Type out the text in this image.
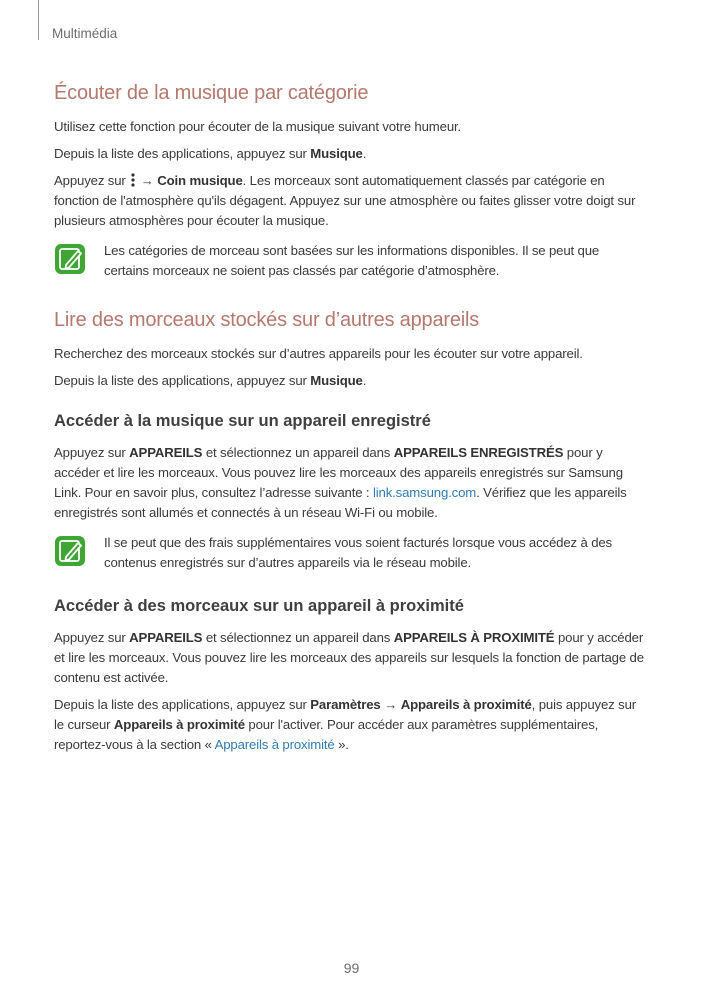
Multimédia
Écouter de la musique par catégorie

Utilisez cette fonction pour écouter de la musique suivant votre humeur.

Depuis la liste des applications, appuyez sur Musique.

Appuyez sur  → Coin musique. Les morceaux sont automatiquement classés par catégorie en fonction de l'atmosphère qu'ils dégagent. Appuyez sur une atmosphère ou faites glisser votre doigt sur plusieurs atmosphères pour écouter la musique.

Les catégories de morceau sont basées sur les informations disponibles. Il se peut que certains morceaux ne soient pas classés par catégorie d’atmosphère.

Lire des morceaux stockés sur d’autres appareils

Recherchez des morceaux stockés sur d’autres appareils pour les écouter sur votre appareil.

Depuis la liste des applications, appuyez sur Musique.

Accéder à la musique sur un appareil enregistré

Appuyez sur APPAREILS et sélectionnez un appareil dans APPAREILS ENREGISTRÉS pour y accéder et lire les morceaux. Vous pouvez lire les morceaux des appareils enregistrés sur Samsung Link. Pour en savoir plus, consultez l’adresse suivante : link.samsung.com. Vérifiez que les appareils enregistrés sont allumés et connectés à un réseau Wi-Fi ou mobile.

Il se peut que des frais supplémentaires vous soient facturés lorsque vous accédez à des contenus enregistrés sur d’autres appareils via le réseau mobile.

Accéder à des morceaux sur un appareil à proximité

Appuyez sur APPAREILS et sélectionnez un appareil dans APPAREILS À PROXIMITÉ pour y accéder et lire les morceaux. Vous pouvez lire les morceaux des appareils sur lesquels la fonction de partage de contenu est activée.

Depuis la liste des applications, appuyez sur Paramètres → Appareils à proximité, puis appuyez sur le curseur Appareils à proximité pour l'activer. Pour accéder aux paramètres supplémentaires, reportez-vous à la section « Appareils à proximité ».

99
